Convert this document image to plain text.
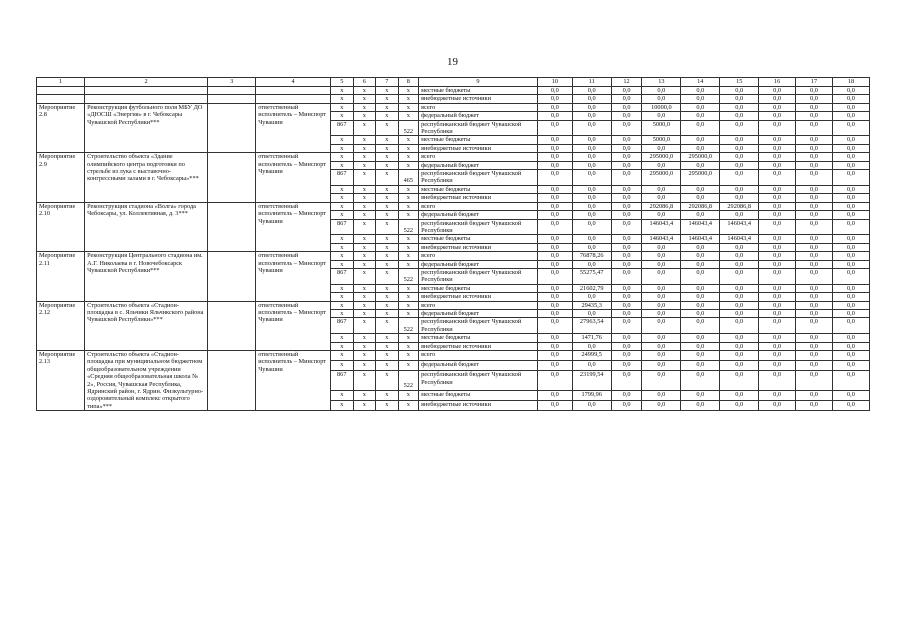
19
1	2	3	4	5	6	7	8	9	10	11	12	13	14	15	16	17	18
				x	x	x	x	местные бюджеты	0,0	0,0	0,0	0,0	0,0	0,0	0,0	0,0	0,0
				x	x	x	x	внебюджетные источники	0,0	0,0	0,0	0,0	0,0	0,0	0,0	0,0	0,0
Мероприятие 2.8	Реконструкция футбольного поля МБУ ДО «ДЮСШ «Энергия» в г. Чебоксары Чувашской Республики***		ответственный исполнитель – Минспорт Чувашии	x	x	x	x	всего	0,0	0,0	0,0	10000,0	0,0	0,0	0,0	0,0	0,0
				x	x	x	x	федеральный бюджет	0,0	0,0	0,0	0,0	0,0	0,0	0,0	0,0	0,0
				867	x	x	522	республиканский бюджет Чувашской Республики	0,0	0,0	0,0	5000,0	0,0	0,0	0,0	0,0	0,0
				x	x	x	x	местные бюджеты	0,0	0,0	0,0	5000,0	0,0	0,0	0,0	0,0	0,0
				x	x	x	x	внебюджетные источники	0,0	0,0	0,0	0,0	0,0	0,0	0,0	0,0	0,0
Мероприятие 2.9	Строительство объекта «Здание олимпийского центра подготовки по стрельбе из лука с выставочно-конгрессными залами в г. Чебоксары»***		ответственный исполнитель – Минспорт Чувашии	x	x	x	x	всего	0,0	0,0	0,0	295000,0	295000,0	0,0	0,0	0,0	0,0
				x	x	x	x	федеральный бюджет	0,0	0,0	0,0	0,0	0,0	0,0	0,0	0,0	0,0
				867	x	x	465	республиканский бюджет Чувашской Республики	0,0	0,0	0,0	295000,0	295000,0	0,0	0,0	0,0	0,0
				x	x	x	x	местные бюджеты	0,0	0,0	0,0	0,0	0,0	0,0	0,0	0,0	0,0
				x	x	x	x	внебюджетные источники	0,0	0,0	0,0	0,0	0,0	0,0	0,0	0,0	0,0
Мероприятие 2.10	Реконструкция стадиона «Волга» города Чебоксары, ул. Коллективная, д. 3***		ответственный исполнитель – Минспорт Чувашии	x	x	x	x	всего	0,0	0,0	0,0	292086,8	292086,8	292086,8	0,0	0,0	0,0
				x	x	x	x	федеральный бюджет	0,0	0,0	0,0	0,0	0,0	0,0	0,0	0,0	0,0
				867	x	x	522	республиканский бюджет Чувашской Республики	0,0	0,0	0,0	146043,4	146043,4	146043,4	0,0	0,0	0,0
				x	x	x	x	местные бюджеты	0,0	0,0	0,0	146043,4	146043,4	146043,4	0,0	0,0	0,0
				x	x	x	x	внебюджетные источники	0,0	0,0	0,0	0,0	0,0	0,0	0,0	0,0	0,0
Мероприятие 2.11	Реконструкция Центрального стадиона им. А.Г. Николаева в г. Новочебоксарск Чувашской Республики***		ответственный исполнитель – Минспорт Чувашии	x	x	x	x	всего	0,0	76878,26	0,0	0,0	0,0	0,0	0,0	0,0	0,0
				x	x	x	x	федеральный бюджет	0,0	0,0	0,0	0,0	0,0	0,0	0,0	0,0	0,0
				867	x	x	522	республиканский бюджет Чувашской Республики	0,0	55275,47	0,0	0,0	0,0	0,0	0,0	0,0	0,0
				x	x	x	x	местные бюджеты	0,0	21602,79	0,0	0,0	0,0	0,0	0,0	0,0	0,0
				x	x	x	x	внебюджетные источники	0,0	0,0	0,0	0,0	0,0	0,0	0,0	0,0	0,0
Мероприятие 2.12	Строительство объекта «Стадион-площадка в с. Яльчики Яльчикского района Чувашской Республики»***		ответственный исполнитель – Минспорт Чувашии	x	x	x	x	всего	0,0	29435,3	0,0	0,0	0,0	0,0	0,0	0,0	0,0
				x	x	x	x	федеральный бюджет	0,0	0,0	0,0	0,0	0,0	0,0	0,0	0,0	0,0
				867	x	x	522	республиканский бюджет Чувашской Республики	0,0	27963,54	0,0	0,0	0,0	0,0	0,0	0,0	0,0
				x	x	x	x	местные бюджеты	0,0	1471,76	0,0	0,0	0,0	0,0	0,0	0,0	0,0
				x	x	x	x	внебюджетные источники	0,0	0,0	0,0	0,0	0,0	0,0	0,0	0,0	0,0
Мероприятие 2.13	Строительство объекта «Стадион-площадка при муниципальном бюджетном общеобразовательном учреждении «Средняя общеобразовательная школа № 2», Россия, Чувашская Республика, Ядринский район, г. Ядрин. Физкультурно-оздоровительный комплекс открытого типа»***		ответственный исполнитель – Минспорт Чувашии	x	x	x	x	всего	0,0	24999,5	0,0	0,0	0,0	0,0	0,0	0,0	0,0
				x	x	x	x	федеральный бюджет	0,0	0,0	0,0	0,0	0,0	0,0	0,0	0,0	0,0
				867	x	x	522	республиканский бюджет Чувашской Республики	0,0	23199,54	0,0	0,0	0,0	0,0	0,0	0,0	0,0
				x	x	x	x	местные бюджеты	0,0	1799,96	0,0	0,0	0,0	0,0	0,0	0,0	0,0
				x	x	x	x	внебюджетные источники	0,0	0,0	0,0	0,0	0,0	0,0	0,0	0,0	0,0
